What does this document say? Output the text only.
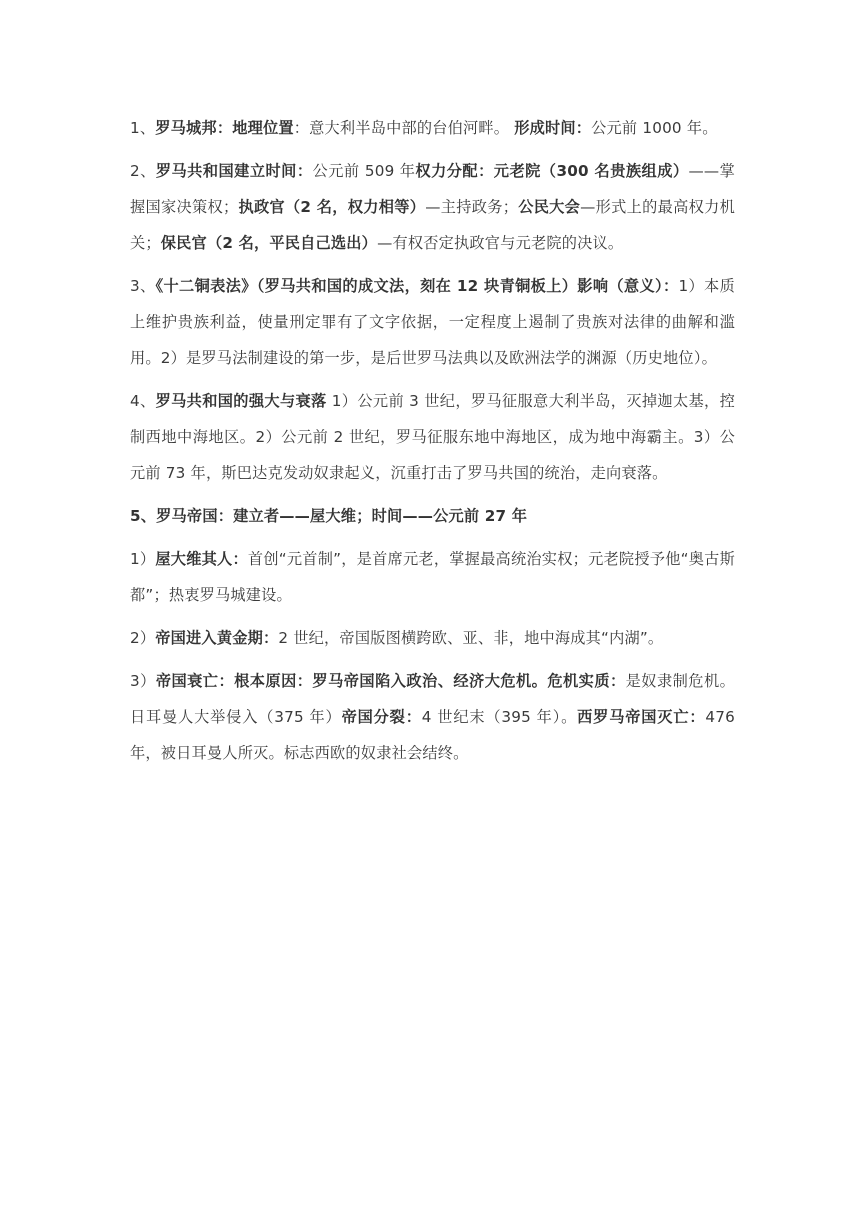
1、罗马城邦：地理位置：意大利半岛中部的台伯河畔。 形成时间：公元前 1000 年。

2、罗马共和国建立时间：公元前 509 年权力分配：元老院（300 名贵族组成）——掌握国家决策权；执政官（2 名，权力相等）—主持政务；公民大会—形式上的最高权力机关；保民官（2 名，平民自己选出）—有权否定执政官与元老院的决议。

3、《十二铜表法》（罗马共和国的成文法，刻在 12 块青铜板上）影响（意义）：1）本质上维护贵族利益，使量刑定罪有了文字依据，一定程度上遏制了贵族对法律的曲解和滥用。2）是罗马法制建设的第一步，是后世罗马法典以及欧洲法学的渊源（历史地位）。

4、罗马共和国的强大与衰落 1）公元前 3 世纪，罗马征服意大利半岛，灭掉迦太基，控制西地中海地区。2）公元前 2 世纪，罗马征服东地中海地区，成为地中海霸主。3）公元前 73 年，斯巴达克发动奴隶起义，沉重打击了罗马共国的统治，走向衰落。

5、罗马帝国：建立者——屋大维；时间——公元前 27 年

1）屋大维其人：首创“元首制”，是首席元老，掌握最高统治实权；元老院授予他“奥古斯都”；热衷罗马城建设。

2）帝国进入黄金期：2 世纪，帝国版图横跨欧、亚、非，地中海成其“内湖”。

3）帝国衰亡：根本原因：罗马帝国陷入政治、经济大危机。危机实质：是奴隶制危机。日耳曼人大举侵入（375 年）帝国分裂：4 世纪末（395 年）。西罗马帝国灭亡：476 年，被日耳曼人所灭。标志西欧的奴隶社会结终。
